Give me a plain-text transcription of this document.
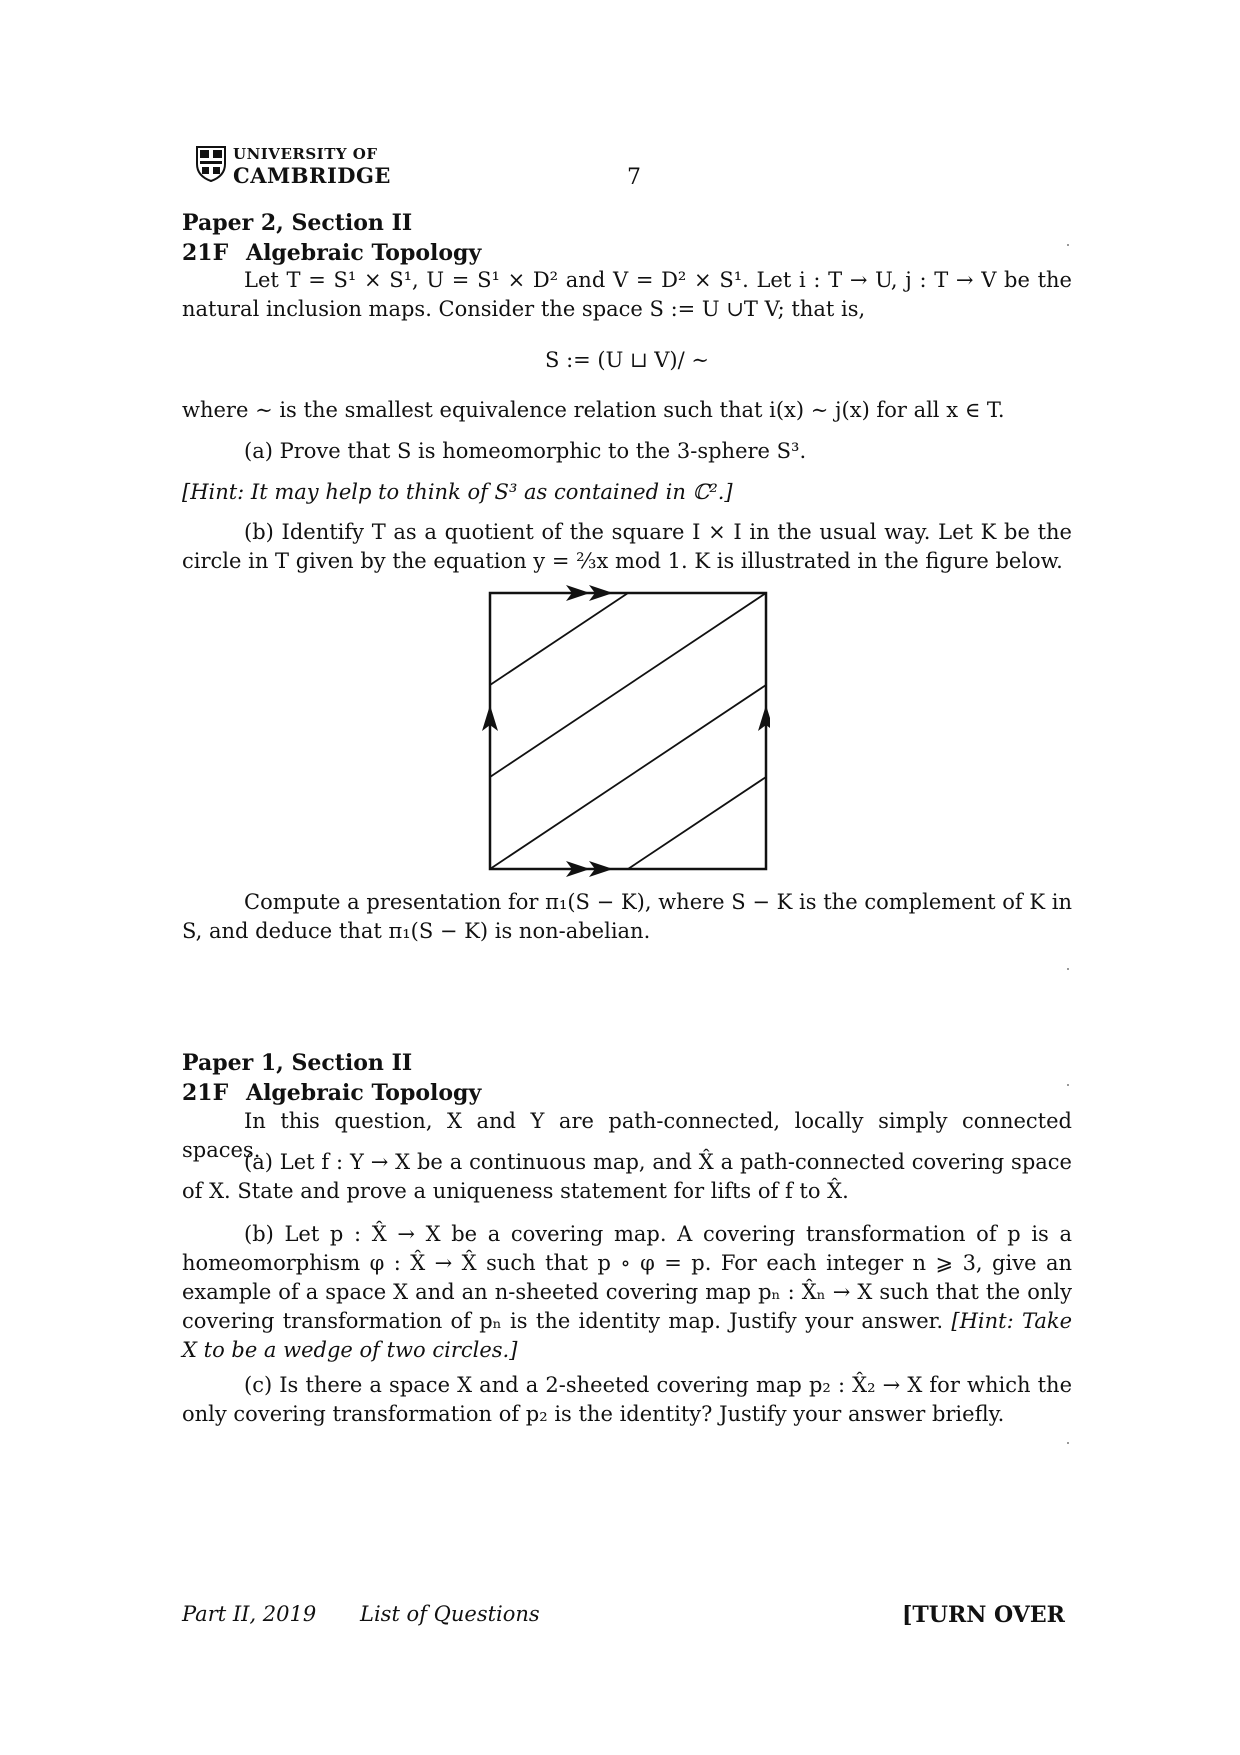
UNIVERSITY OF
CAMBRIDGE	7
Paper 2, Section II
21F Algebraic Topology
Let T = S¹ × S¹, U = S¹ × D² and V = D² × S¹. Let i : T → U, j : T → V be the natural inclusion maps. Consider the space S := U ∪T V; that is,
S := (U ⊔ V)/ ∼
where ∼ is the smallest equivalence relation such that i(x) ∼ j(x) for all x ∈ T.
(a) Prove that S is homeomorphic to the 3-sphere S³.
[Hint: It may help to think of S³ as contained in ℂ².]
(b) Identify T as a quotient of the square I × I in the usual way. Let K be the circle in T given by the equation y = ⅔x mod 1. K is illustrated in the figure below.
Compute a presentation for π₁(S − K), where S − K is the complement of K in S, and deduce that π₁(S − K) is non-abelian.
Paper 1, Section II
21F Algebraic Topology
In this question, X and Y are path-connected, locally simply connected spaces.
(a) Let f : Y → X be a continuous map, and X̂ a path-connected covering space of X. State and prove a uniqueness statement for lifts of f to X̂.
(b) Let p : X̂ → X be a covering map. A covering transformation of p is a homeomorphism φ : X̂ → X̂ such that p ∘ φ = p. For each integer n ⩾ 3, give an example of a space X and an n-sheeted covering map pₙ : X̂ₙ → X such that the only covering transformation of pₙ is the identity map. Justify your answer. [Hint: Take X to be a wedge of two circles.]
(c) Is there a space X and a 2-sheeted covering map p₂ : X̂₂ → X for which the only covering transformation of p₂ is the identity? Justify your answer briefly.
Part II, 2019 List of Questions	[TURN OVER
